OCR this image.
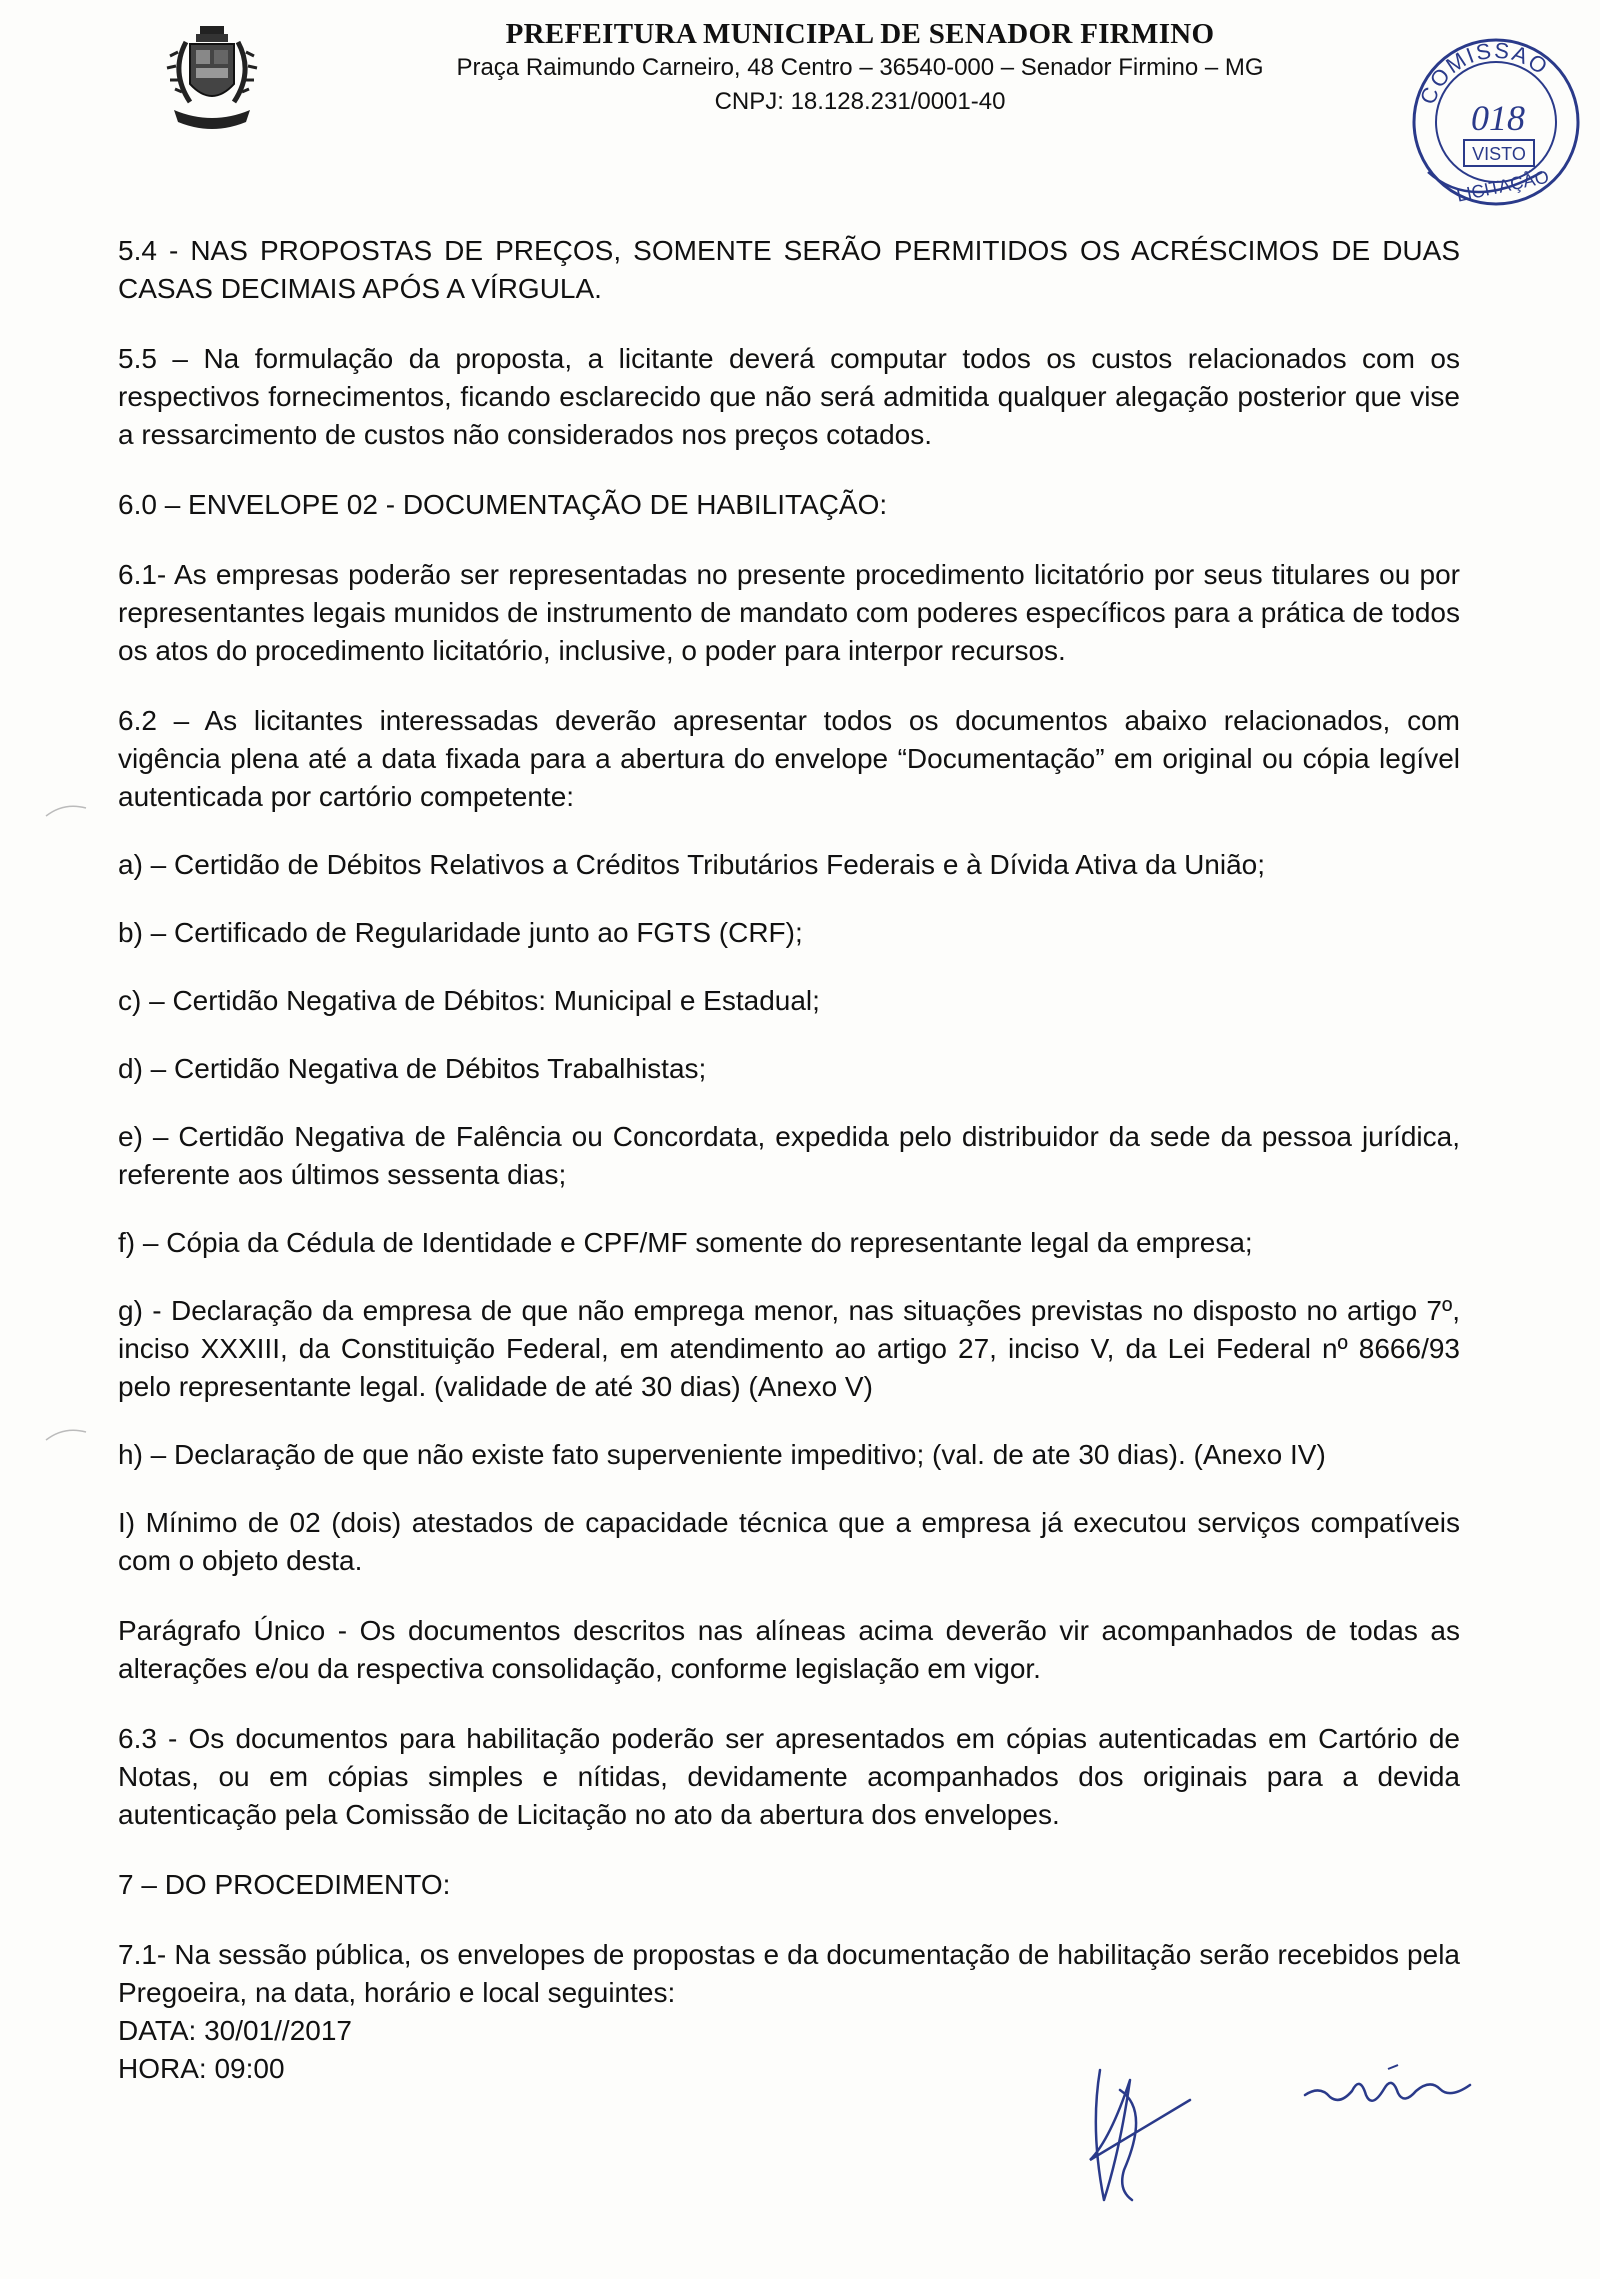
PREFEITURA MUNICIPAL DE SENADOR FIRMINO
Praça Raimundo Carneiro, 48 Centro – 36540-000 – Senador Firmino – MG
CNPJ: 18.128.231/0001-40	COMISSÃO
018
VISTO
LICITAÇÃO

5.4 - NAS PROPOSTAS DE PREÇOS, SOMENTE SERÃO PERMITIDOS OS ACRÉSCIMOS DE DUAS CASAS DECIMAIS APÓS A VÍRGULA.

5.5 – Na formulação da proposta, a licitante deverá computar todos os custos relacionados com os respectivos fornecimentos, ficando esclarecido que não será admitida qualquer alegação posterior que vise a ressarcimento de custos não considerados nos preços cotados.

6.0 – ENVELOPE 02 - DOCUMENTAÇÃO DE HABILITAÇÃO:

6.1- As empresas poderão ser representadas no presente procedimento licitatório por seus titulares ou por representantes legais munidos de instrumento de mandato com poderes específicos para a prática de todos os atos do procedimento licitatório, inclusive, o poder para interpor recursos.

6.2 – As licitantes interessadas deverão apresentar todos os documentos abaixo relacionados, com vigência plena até a data fixada para a abertura do envelope “Documentação” em original ou cópia legível autenticada por cartório competente:

a) – Certidão de Débitos Relativos a Créditos Tributários Federais e à Dívida Ativa da União;

b) – Certificado de Regularidade junto ao FGTS (CRF);

c) – Certidão Negativa de Débitos: Municipal e Estadual;

d) – Certidão Negativa de Débitos Trabalhistas;

e) – Certidão Negativa de Falência ou Concordata, expedida pelo distribuidor da sede da pessoa jurídica, referente aos últimos sessenta dias;

f) – Cópia da Cédula de Identidade e CPF/MF somente do representante legal da empresa;

g) - Declaração da empresa de que não emprega menor, nas situações previstas no disposto no artigo 7º, inciso XXXIII, da Constituição Federal, em atendimento ao artigo 27, inciso V, da Lei Federal nº 8666/93 pelo representante legal. (validade de até 30 dias) (Anexo V)

h) – Declaração de que não existe fato superveniente impeditivo; (val. de ate 30 dias). (Anexo IV)

I) Mínimo de 02 (dois) atestados de capacidade técnica que a empresa já executou serviços compatíveis com o objeto desta.

Parágrafo Único - Os documentos descritos nas alíneas acima deverão vir acompanhados de todas as alterações e/ou da respectiva consolidação, conforme legislação em vigor.

6.3 - Os documentos para habilitação poderão ser apresentados em cópias autenticadas em Cartório de Notas, ou em cópias simples e nítidas, devidamente acompanhados dos originais para a devida autenticação pela Comissão de Licitação no ato da abertura dos envelopes.

7 – DO PROCEDIMENTO:

7.1- Na sessão pública, os envelopes de propostas e da documentação de habilitação serão recebidos pela Pregoeira, na data, horário e local seguintes:

DATA: 30/01//2017

HORA: 09:00
